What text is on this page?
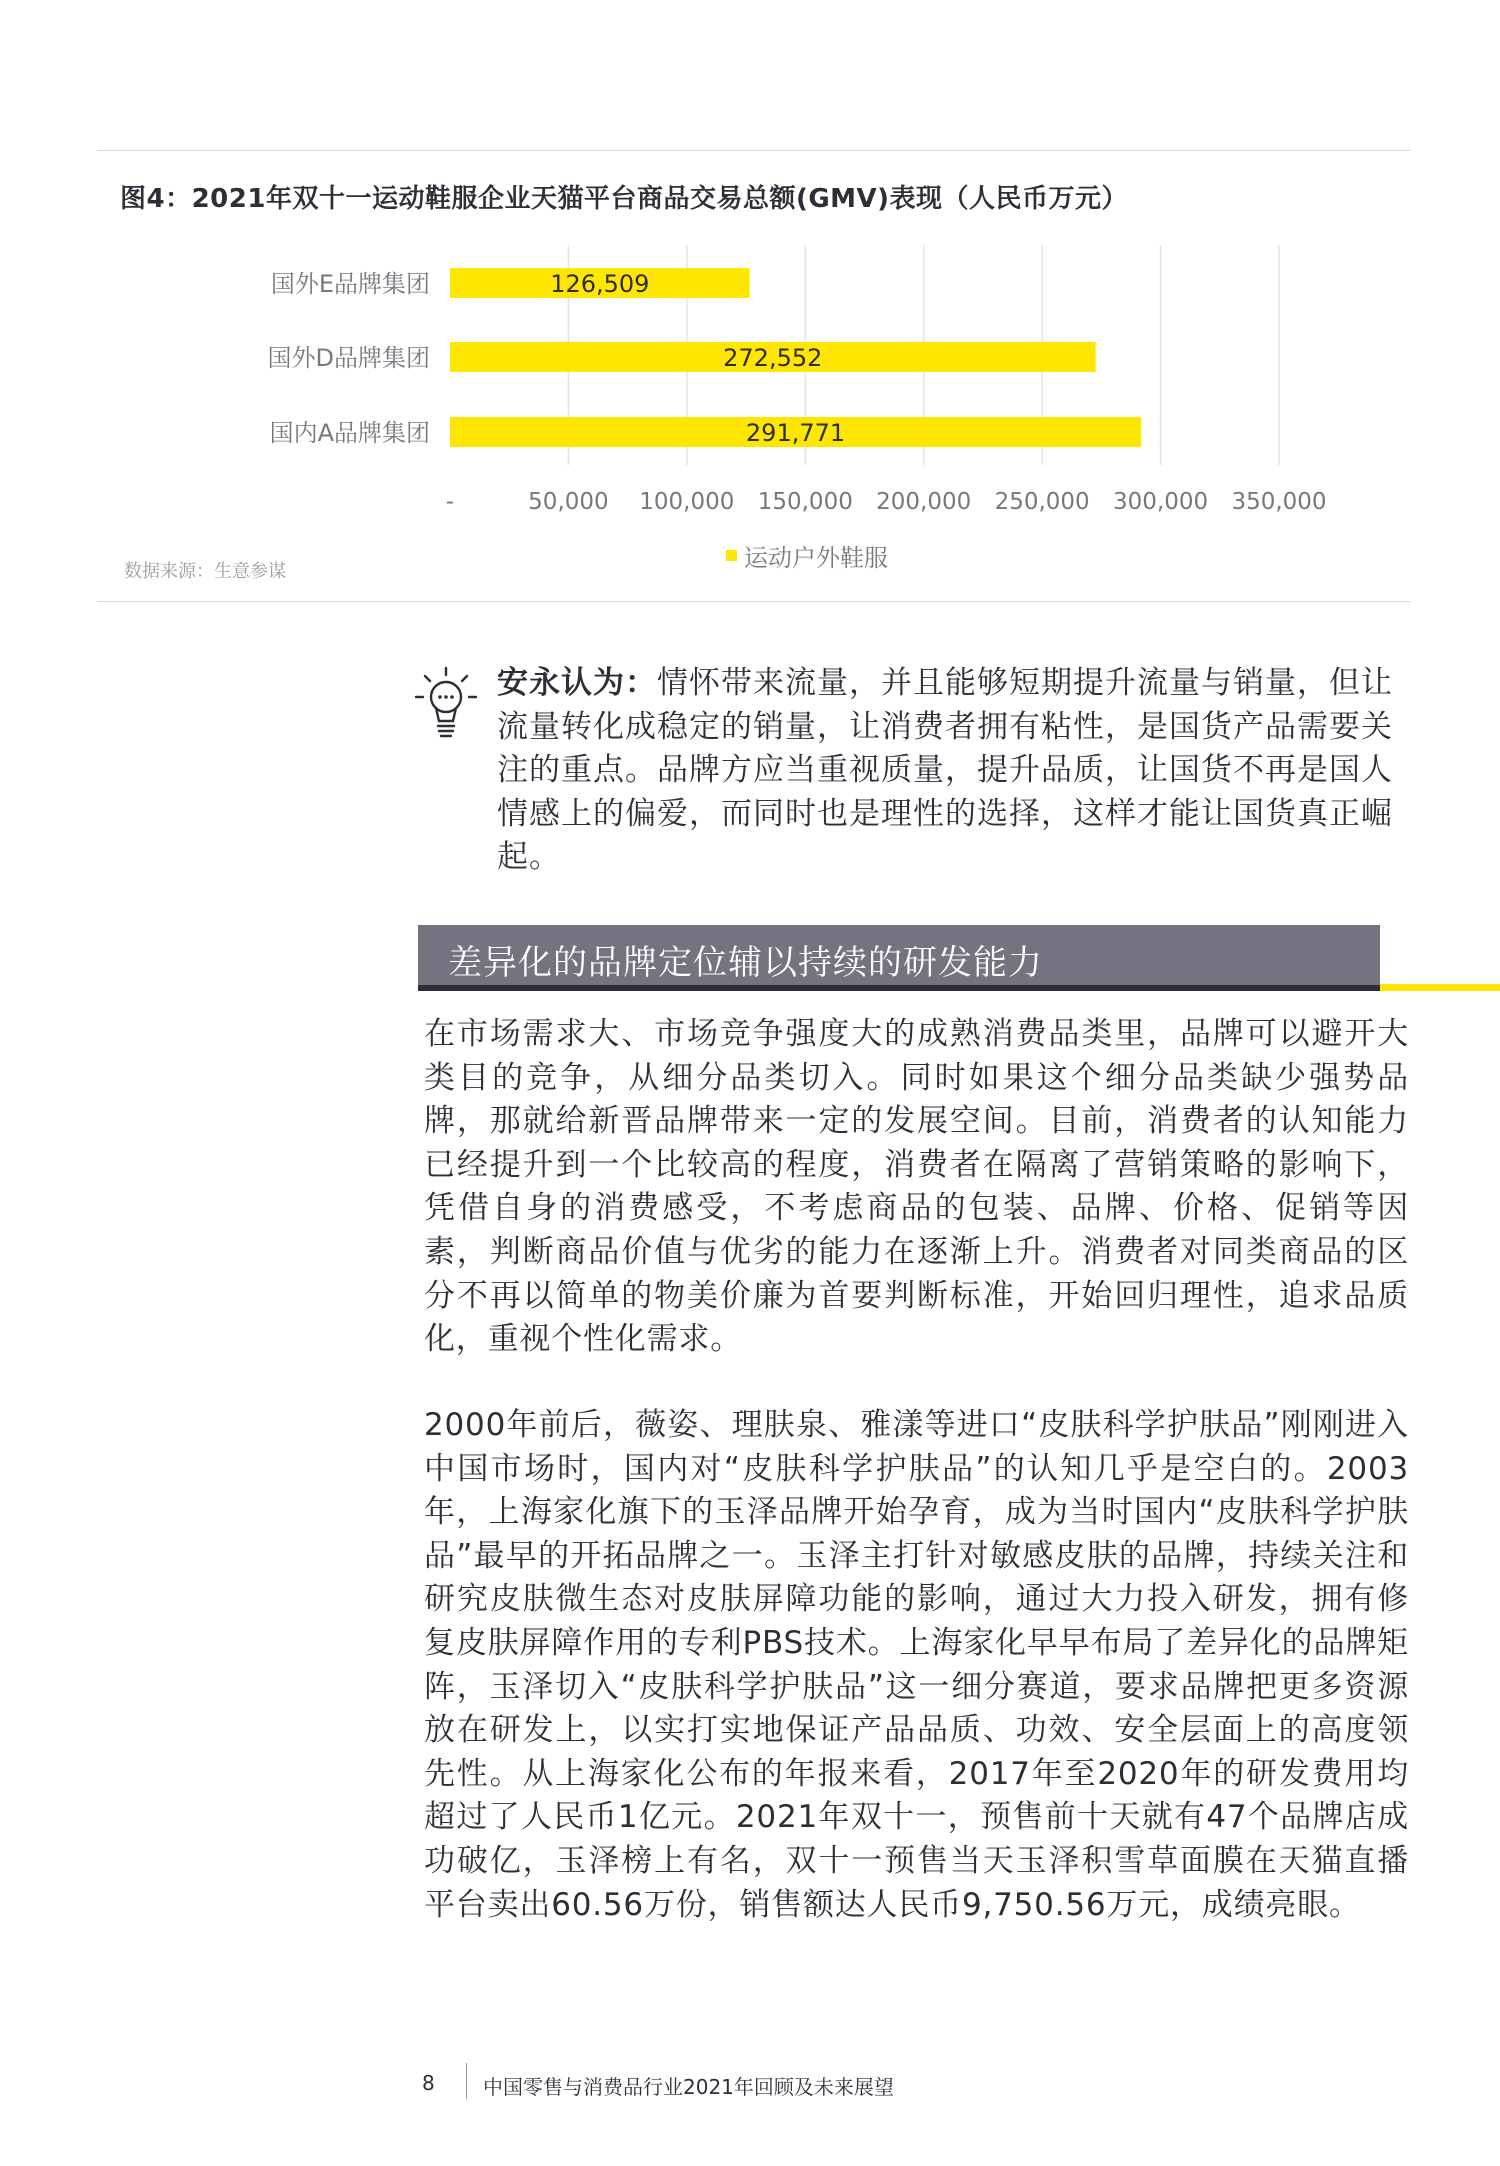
图4：2021年双十一运动鞋服企业天猫平台商品交易总额(GMV)表现（人民币万元）
国外E品牌集团
国外D品牌集团
国内A品牌集团
126,509
272,552
291,771
-	50,000 100,000 150,000 200,000 250,000 300,000 350,000
运动户外鞋服
数据来源：生意参谋
安永认为：情怀带来流量，并且能够短期提升流量与销量，但让流量转化成稳定的销量，让消费者拥有粘性，是国货产品需要关注的重点。品牌方应当重视质量，提升品质，让国货不再是国人情感上的偏爱，而同时也是理性的选择，这样才能让国货真正崛起。
差异化的品牌定位辅以持续的研发能力
在市场需求大、市场竞争强度大的成熟消费品类里，品牌可以避开大类目的竞争，从细分品类切入。同时如果这个细分品类缺少强势品牌，那就给新晋品牌带来一定的发展空间。目前，消费者的认知能力已经提升到一个比较高的程度，消费者在隔离了营销策略的影响下，凭借自身的消费感受，不考虑商品的包装、品牌、价格、促销等因素，判断商品价值与优劣的能力在逐渐上升。消费者对同类商品的区分不再以简单的物美价廉为首要判断标准，开始回归理性，追求品质化，重视个性化需求。
2000年前后，薇姿、理肤泉、雅漾等进口“皮肤科学护肤品”刚刚进入中国市场时，国内对“皮肤科学护肤品”的认知几乎是空白的。2003年，上海家化旗下的玉泽品牌开始孕育，成为当时国内“皮肤科学护肤品”最早的开拓品牌之一。玉泽主打针对敏感皮肤的品牌，持续关注和研究皮肤微生态对皮肤屏障功能的影响，通过大力投入研发，拥有修复皮肤屏障作用的专利PBS技术。上海家化早早布局了差异化的品牌矩阵，玉泽切入“皮肤科学护肤品”这一细分赛道，要求品牌把更多资源放在研发上，以实打实地保证产品品质、功效、安全层面上的高度领先性。从上海家化公布的年报来看，2017年至2020年的研发费用均超过了人民币1亿元。2021年双十一，预售前十天就有47个品牌店成功破亿，玉泽榜上有名，双十一预售当天玉泽积雪草面膜在天猫直播平台卖出60.56万份，销售额达人民币9,750.56万元，成绩亮眼。
8 中国零售与消费品行业2021年回顾及未来展望
